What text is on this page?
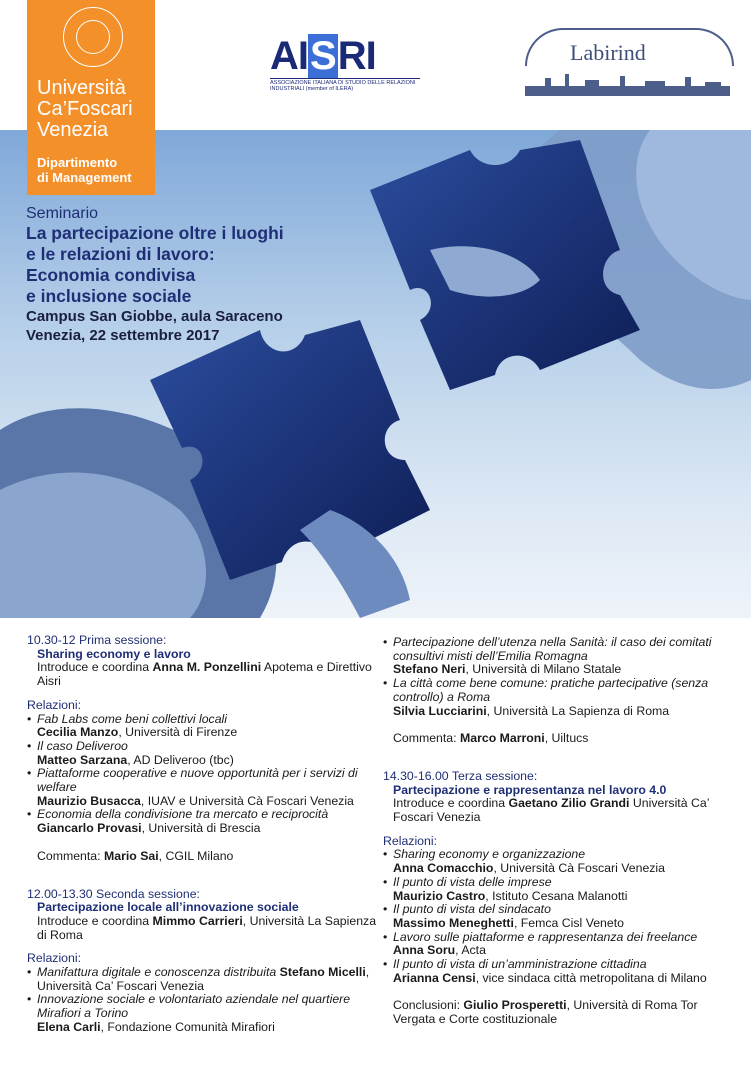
Università
Ca’Foscari
Venezia
Dipartimento
di Management
AISRI
ASSOCIAZIONE ITALIANA DI STUDIO DELLE RELAZIONI INDUSTRIALI (member of ILERA)
Labirind
Seminario
La partecipazione oltre i luoghi
e le relazioni di lavoro:
Economia condivisa
e inclusione sociale
Campus San Giobbe, aula Saraceno
Venezia, 22 settembre 2017
10.30-12 Prima sessione:
Sharing economy e lavoro
Introduce e coordina Anna M. Ponzellini Apotema e Direttivo Aisri
Relazioni:
• Fab Labs come beni collettivi locali
Cecilia Manzo, Università di Firenze
• Il caso Deliveroo
Matteo Sarzana, AD Deliveroo (tbc)
• Piattaforme cooperative e nuove opportunità per i servizi di welfare
Maurizio Busacca, IUAV e Università Cà Foscari Venezia
• Economia della condivisione tra mercato e reciprocità
Giancarlo Provasi, Università di Brescia
Commenta: Mario Sai, CGIL Milano
12.00-13.30 Seconda sessione:
Partecipazione locale all’innovazione sociale
Introduce e coordina Mimmo Carrieri, Università La Sapienza di Roma
Relazioni:
• Manifattura digitale e conoscenza distribuita Stefano Micelli, Università Ca’ Foscari Venezia
• Innovazione sociale e volontariato aziendale nel quartiere Mirafiori a Torino
Elena Carli, Fondazione Comunità Mirafiori
• Partecipazione dell’utenza nella Sanità: il caso dei comitati consultivi misti dell’Emilia Romagna
Stefano Neri, Università di Milano Statale
• La città come bene comune: pratiche partecipative (senza controllo) a Roma
Silvia Lucciarini, Università La Sapienza di Roma
Commenta: Marco Marroni, Uiltucs
14.30-16.00 Terza sessione:
Partecipazione e rappresentanza nel lavoro 4.0
Introduce e coordina Gaetano Zilio Grandi Università Ca’ Foscari Venezia
Relazioni:
• Sharing economy e organizzazione
Anna Comacchio, Università Cà Foscari Venezia
• Il punto di vista delle imprese
Maurizio Castro, Istituto Cesana Malanotti
• Il punto di vista del sindacato
Massimo Meneghetti, Femca Cisl Veneto
• Lavoro sulle piattaforme e rappresentanza dei freelance
Anna Soru, Acta
• Il punto di vista di un’amministrazione cittadina
Arianna Censi, vice sindaca città metropolitana di Milano
Conclusioni: Giulio Prosperetti, Università di Roma Tor Vergata e Corte costituzionale
